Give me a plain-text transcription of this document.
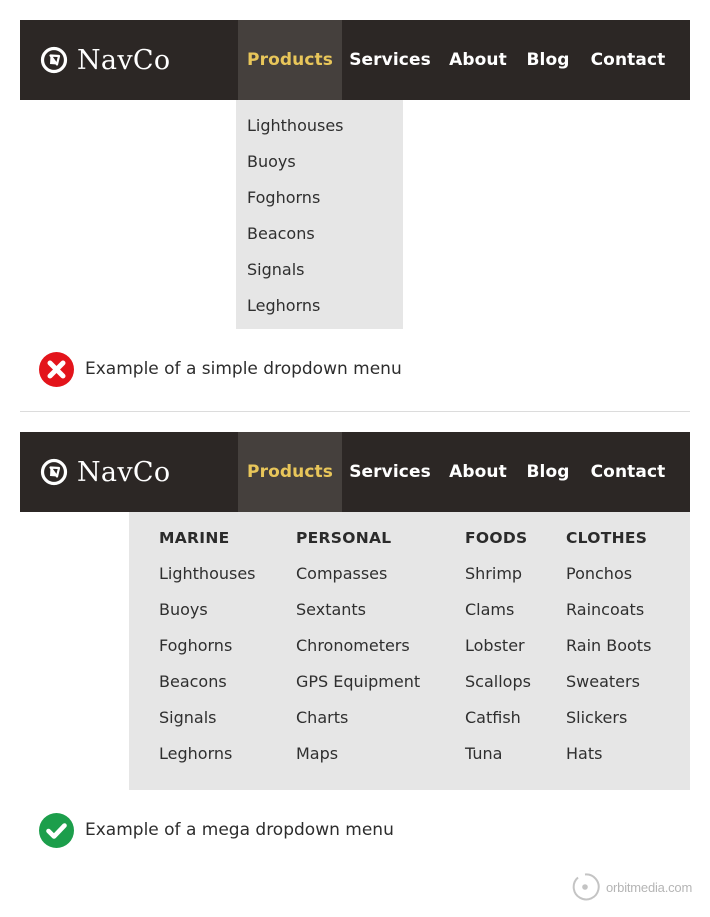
NavCo	Products Services About Blog Contact
Lighthouses
Buoys
Foghorns
Beacons
Signals
Leghorns
Example of a simple dropdown menu
NavCo	Products Services About Blog Contact
MARINE
Lighthouses
Buoys
Foghorns
Beacons
Signals
Leghorns
PERSONAL
Compasses
Sextants
Chronometers
GPS Equipment
Charts
Maps
FOODS
Shrimp
Clams
Lobster
Scallops
Catfish
Tuna
CLOTHES
Ponchos
Raincoats
Rain Boots
Sweaters
Slickers
Hats
Example of a mega dropdown menu
orbitmedia.com
